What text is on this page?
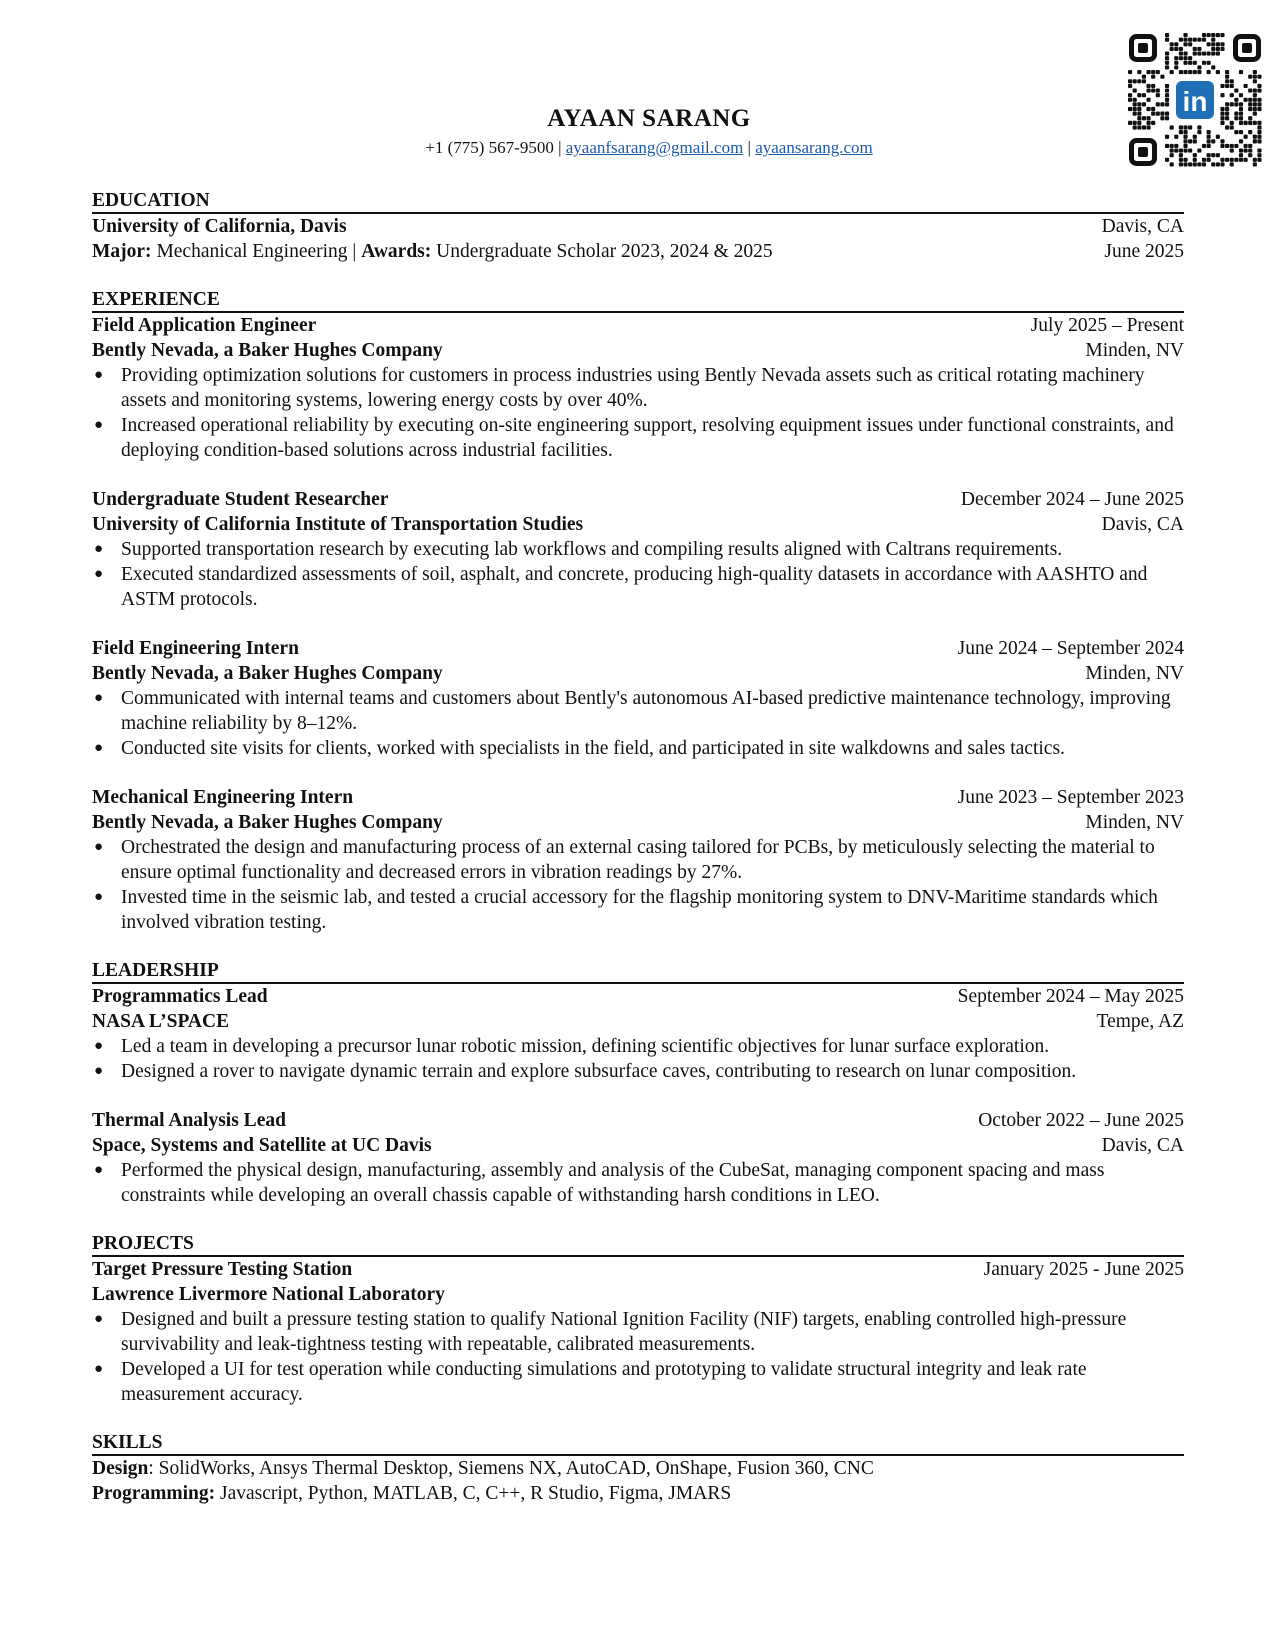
AYAAN SARANG
+1 (775) 567-9500 | ayaanfsarang@gmail.com | ayaansarang.com
in
EDUCATION
University of California, Davis	Davis, CA
Major: Mechanical Engineering | Awards: Undergraduate Scholar 2023, 2024 & 2025	June 2025
EXPERIENCE
Field Application Engineer	July 2025 – Present
Bently Nevada, a Baker Hughes Company	Minden, NV
● Providing optimization solutions for customers in process industries using Bently Nevada assets such as critical rotating machinery assets and monitoring systems, lowering energy costs by over 40%.
● Increased operational reliability by executing on-site engineering support, resolving equipment issues under functional constraints, and deploying condition-based solutions across industrial facilities.
Undergraduate Student Researcher	December 2024 – June 2025
University of California Institute of Transportation Studies	Davis, CA
● Supported transportation research by executing lab workflows and compiling results aligned with Caltrans requirements.
● Executed standardized assessments of soil, asphalt, and concrete, producing high-quality datasets in accordance with AASHTO and ASTM protocols.
Field Engineering Intern	June 2024 – September 2024
Bently Nevada, a Baker Hughes Company	Minden, NV
● Communicated with internal teams and customers about Bently's autonomous AI-based predictive maintenance technology, improving machine reliability by 8–12%.
● Conducted site visits for clients, worked with specialists in the field, and participated in site walkdowns and sales tactics.
Mechanical Engineering Intern	June 2023 – September 2023
Bently Nevada, a Baker Hughes Company	Minden, NV
● Orchestrated the design and manufacturing process of an external casing tailored for PCBs, by meticulously selecting the material to ensure optimal functionality and decreased errors in vibration readings by 27%.
● Invested time in the seismic lab, and tested a crucial accessory for the flagship monitoring system to DNV-Maritime standards which involved vibration testing.
LEADERSHIP
Programmatics Lead	September 2024 – May 2025
NASA L’SPACE	Tempe, AZ
● Led a team in developing a precursor lunar robotic mission, defining scientific objectives for lunar surface exploration.
● Designed a rover to navigate dynamic terrain and explore subsurface caves, contributing to research on lunar composition.
Thermal Analysis Lead	October 2022 – June 2025
Space, Systems and Satellite at UC Davis	Davis, CA
● Performed the physical design, manufacturing, assembly and analysis of the CubeSat, managing component spacing and mass constraints while developing an overall chassis capable of withstanding harsh conditions in LEO.
PROJECTS
Target Pressure Testing Station	January 2025 - June 2025
Lawrence Livermore National Laboratory
● Designed and built a pressure testing station to qualify National Ignition Facility (NIF) targets, enabling controlled high-pressure survivability and leak-tightness testing with repeatable, calibrated measurements.
● Developed a UI for test operation while conducting simulations and prototyping to validate structural integrity and leak rate measurement accuracy.
SKILLS
Design: SolidWorks, Ansys Thermal Desktop, Siemens NX, AutoCAD, OnShape, Fusion 360, CNC
Programming: Javascript, Python, MATLAB, C, C++, R Studio, Figma, JMARS
